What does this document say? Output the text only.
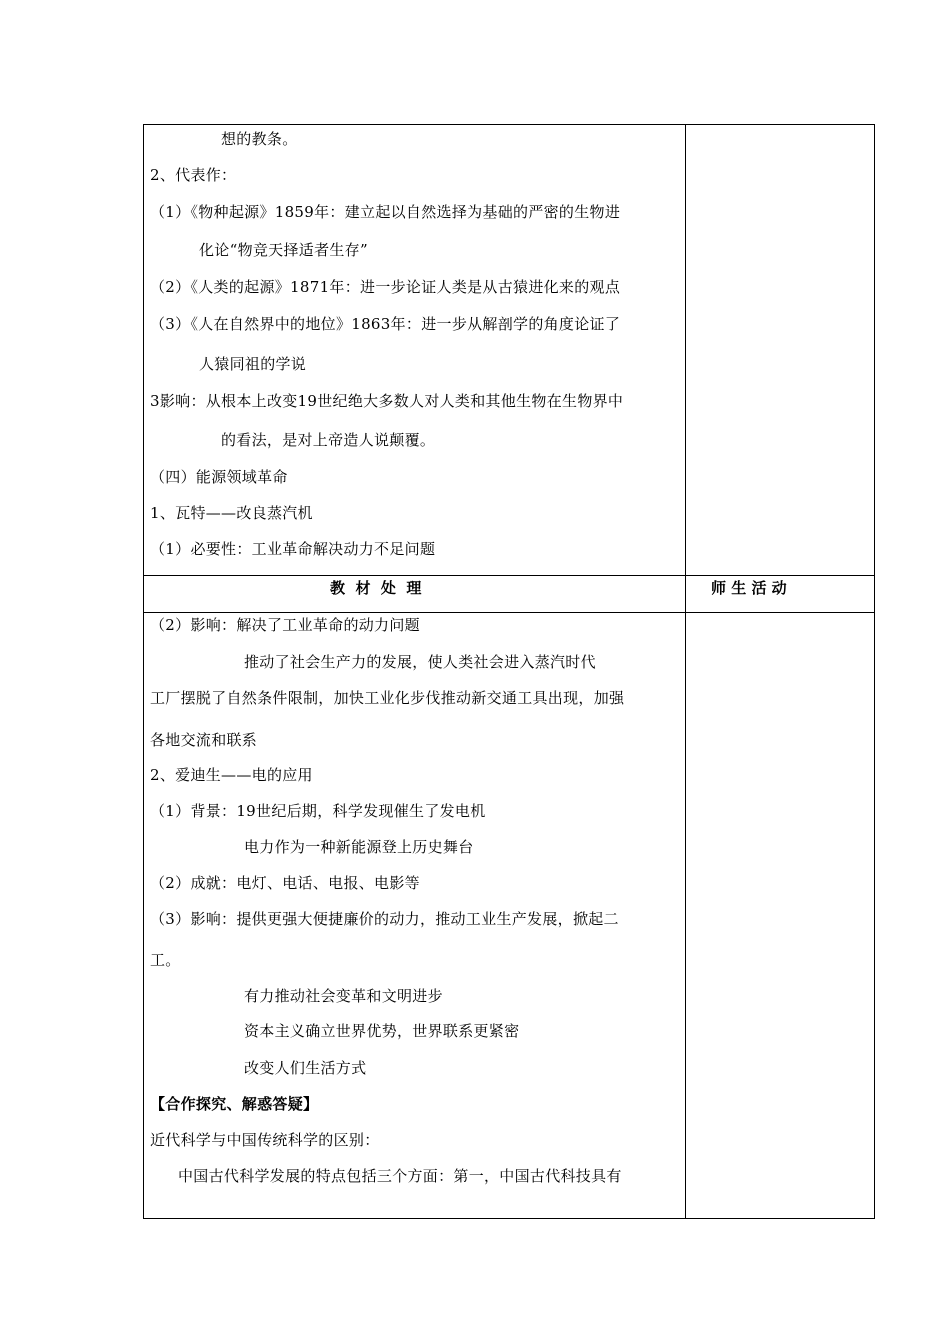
想的教条。
2、代表作：
（1）《物种起源》1859年：建立起以自然选择为基础的严密的生物进
化论“物竞天择适者生存”
（2）《人类的起源》1871年：进一步论证人类是从古猿进化来的观点
（3）《人在自然界中的地位》1863年：进一步从解剖学的角度论证了
人猿同祖的学说
3影响：从根本上改变19世纪绝大多数人对人类和其他生物在生物界中
的看法，是对上帝造人说颠覆。
（四）能源领域革命
1、瓦特——改良蒸汽机
（1）必要性：工业革命解决动力不足问题
教  材  处  理	师 生 活 动
（2）影响：解决了工业革命的动力问题
推动了社会生产力的发展，使人类社会进入蒸汽时代
工厂摆脱了自然条件限制，加快工业化步伐推动新交通工具出现，加强
各地交流和联系
2、爱迪生——电的应用
（1）背景：19世纪后期，科学发现催生了发电机
电力作为一种新能源登上历史舞台
（2）成就：电灯、电话、电报、电影等
（3）影响：提供更强大便捷廉价的动力，推动工业生产发展，掀起二
工。
有力推动社会变革和文明进步
资本主义确立世界优势，世界联系更紧密
改变人们生活方式
【合作探究、解惑答疑】
近代科学与中国传统科学的区别：
中国古代科学发展的特点包括三个方面：第一，中国古代科技具有
